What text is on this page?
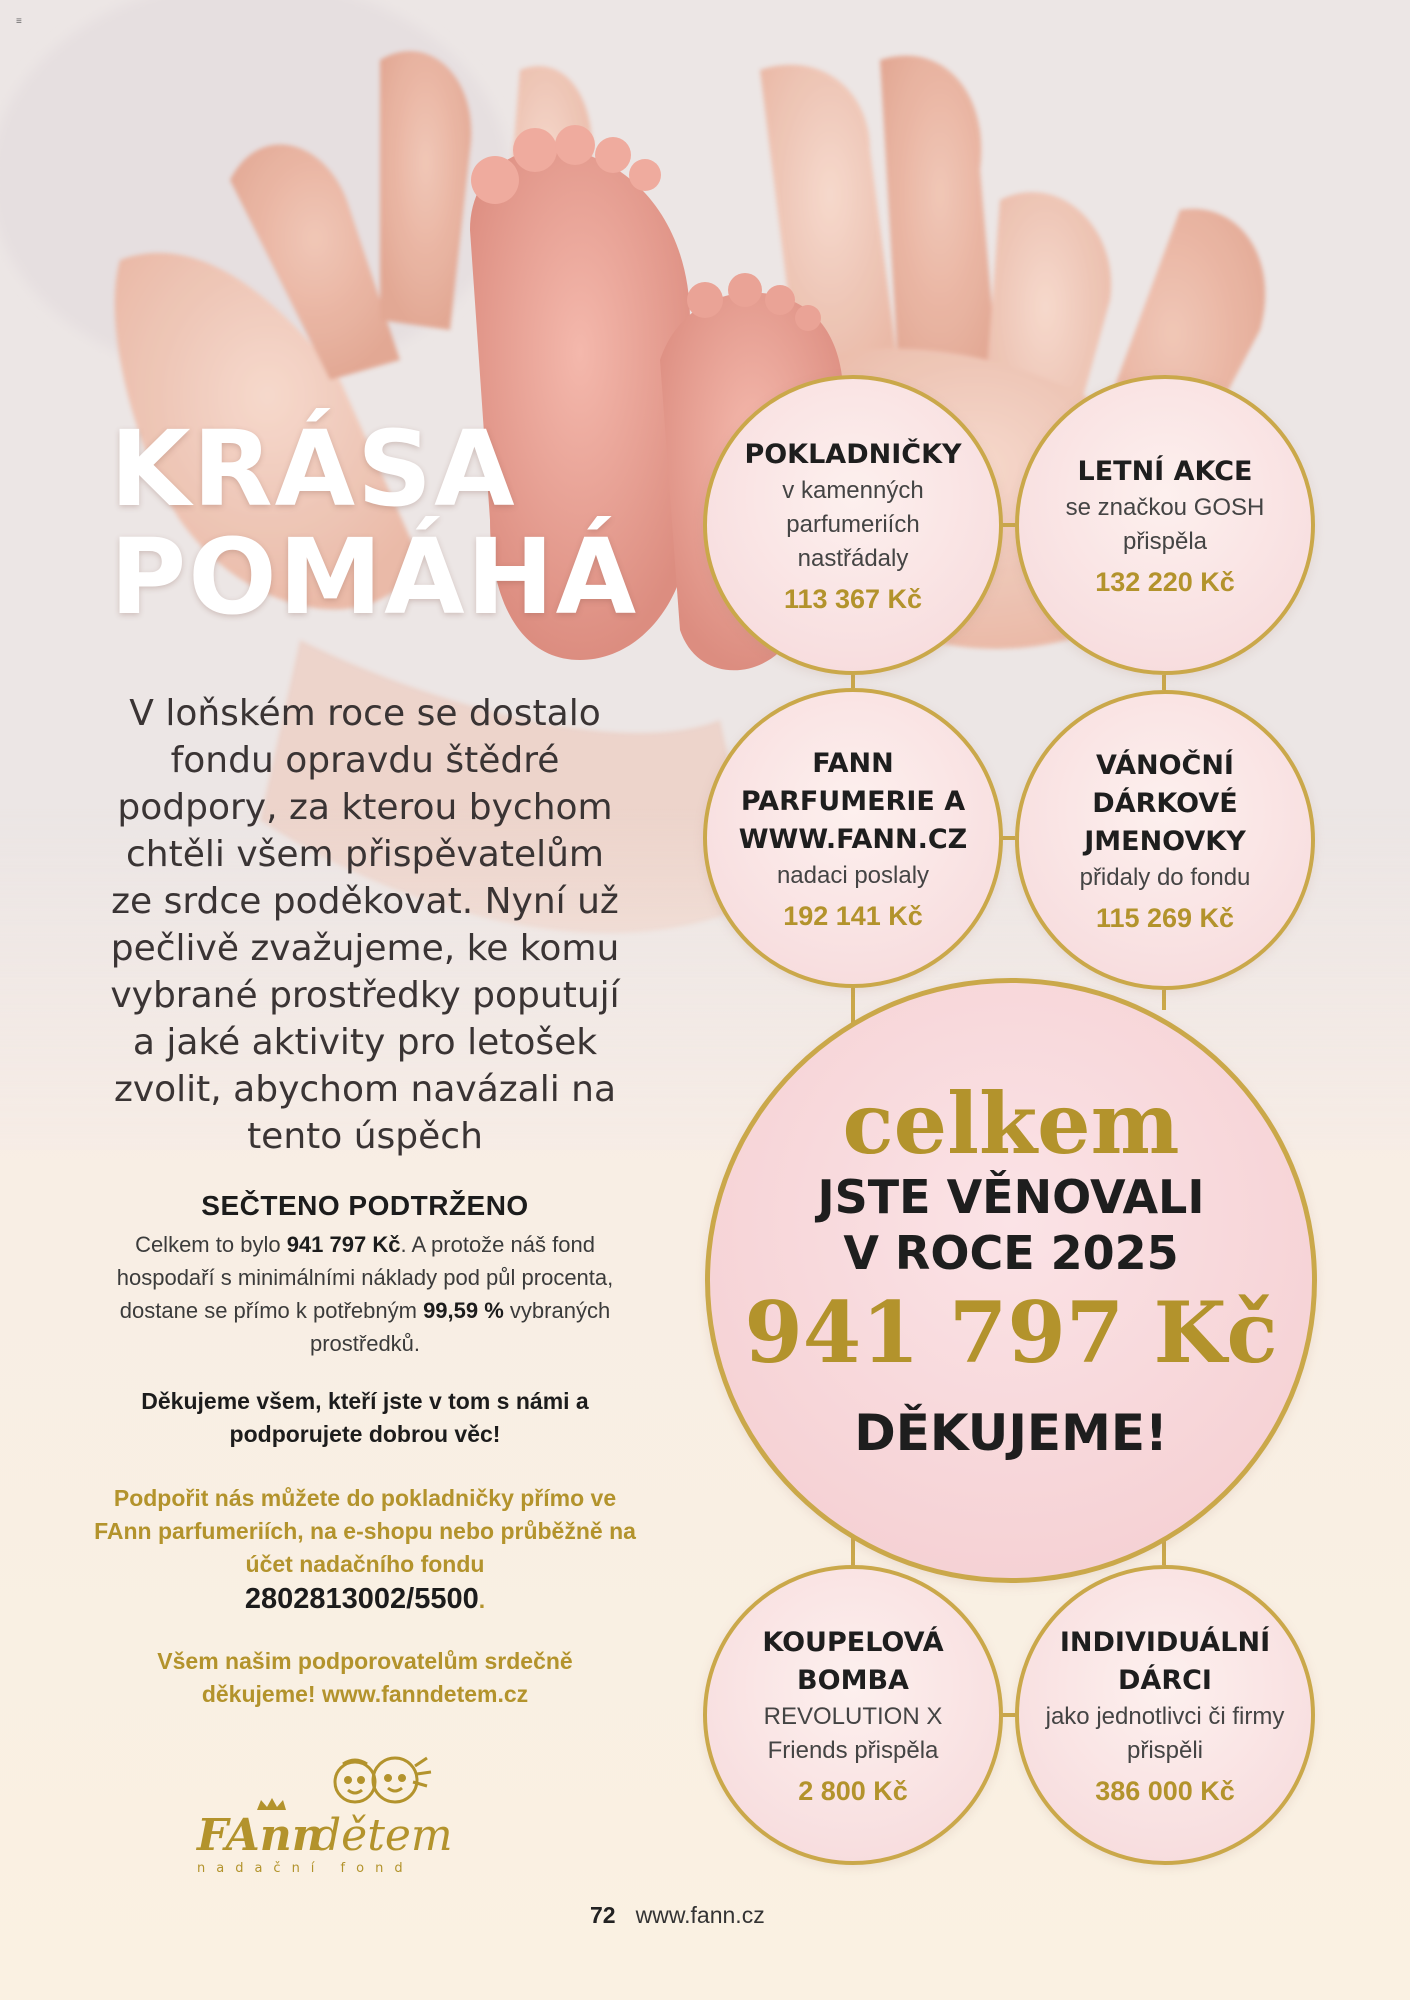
≡
KRÁSA
POMÁHÁ
V loňském roce se dostalo fondu opravdu štědré podpory, za kterou bychom chtěli všem přispěvatelům ze srdce poděkovat. Nyní už pečlivě zvažujeme, ke komu vybrané prostředky poputují a jaké aktivity pro letošek zvolit, abychom navázali na tento úspěch
SEČTENO PODTRŽENO
Celkem to bylo 941 797 Kč. A protože náš fond hospodaří s minimálními náklady pod půl procenta, dostane se přímo k potřebným 99,59 % vybraných prostředků.
Děkujeme všem, kteří jste v tom s námi a podporujete dobrou věc!
Podpořit nás můžete do pokladničky přímo ve FAnn parfumeriích, na e-shopu nebo průběžně na účet nadačního fondu
2802813002/5500.
Všem našim podporovatelům srdečně děkujeme! www.fanndetem.cz
FAnn
dětem
nadační fond
72 www.fann.cz
POKLADNIČKY
v kamenných parfumeriích nastřádaly
113 367 Kč
LETNÍ AKCE
se značkou GOSH přispěla
132 220 Kč
FANN PARFUMERIE A WWW.FANN.CZ
nadaci poslaly
192 141 Kč
VÁNOČNÍ DÁRKOVÉ JMENOVKY
přidaly do fondu
115 269 Kč
celkem
JSTE VĚNOVALI
V ROCE 2025
941 797 Kč
DĚKUJEME!
KOUPELOVÁ BOMBA
REVOLUTION X Friends přispěla
2 800 Kč
INDIVIDUÁLNÍ DÁRCI
jako jednotlivci či firmy přispěli
386 000 Kč
